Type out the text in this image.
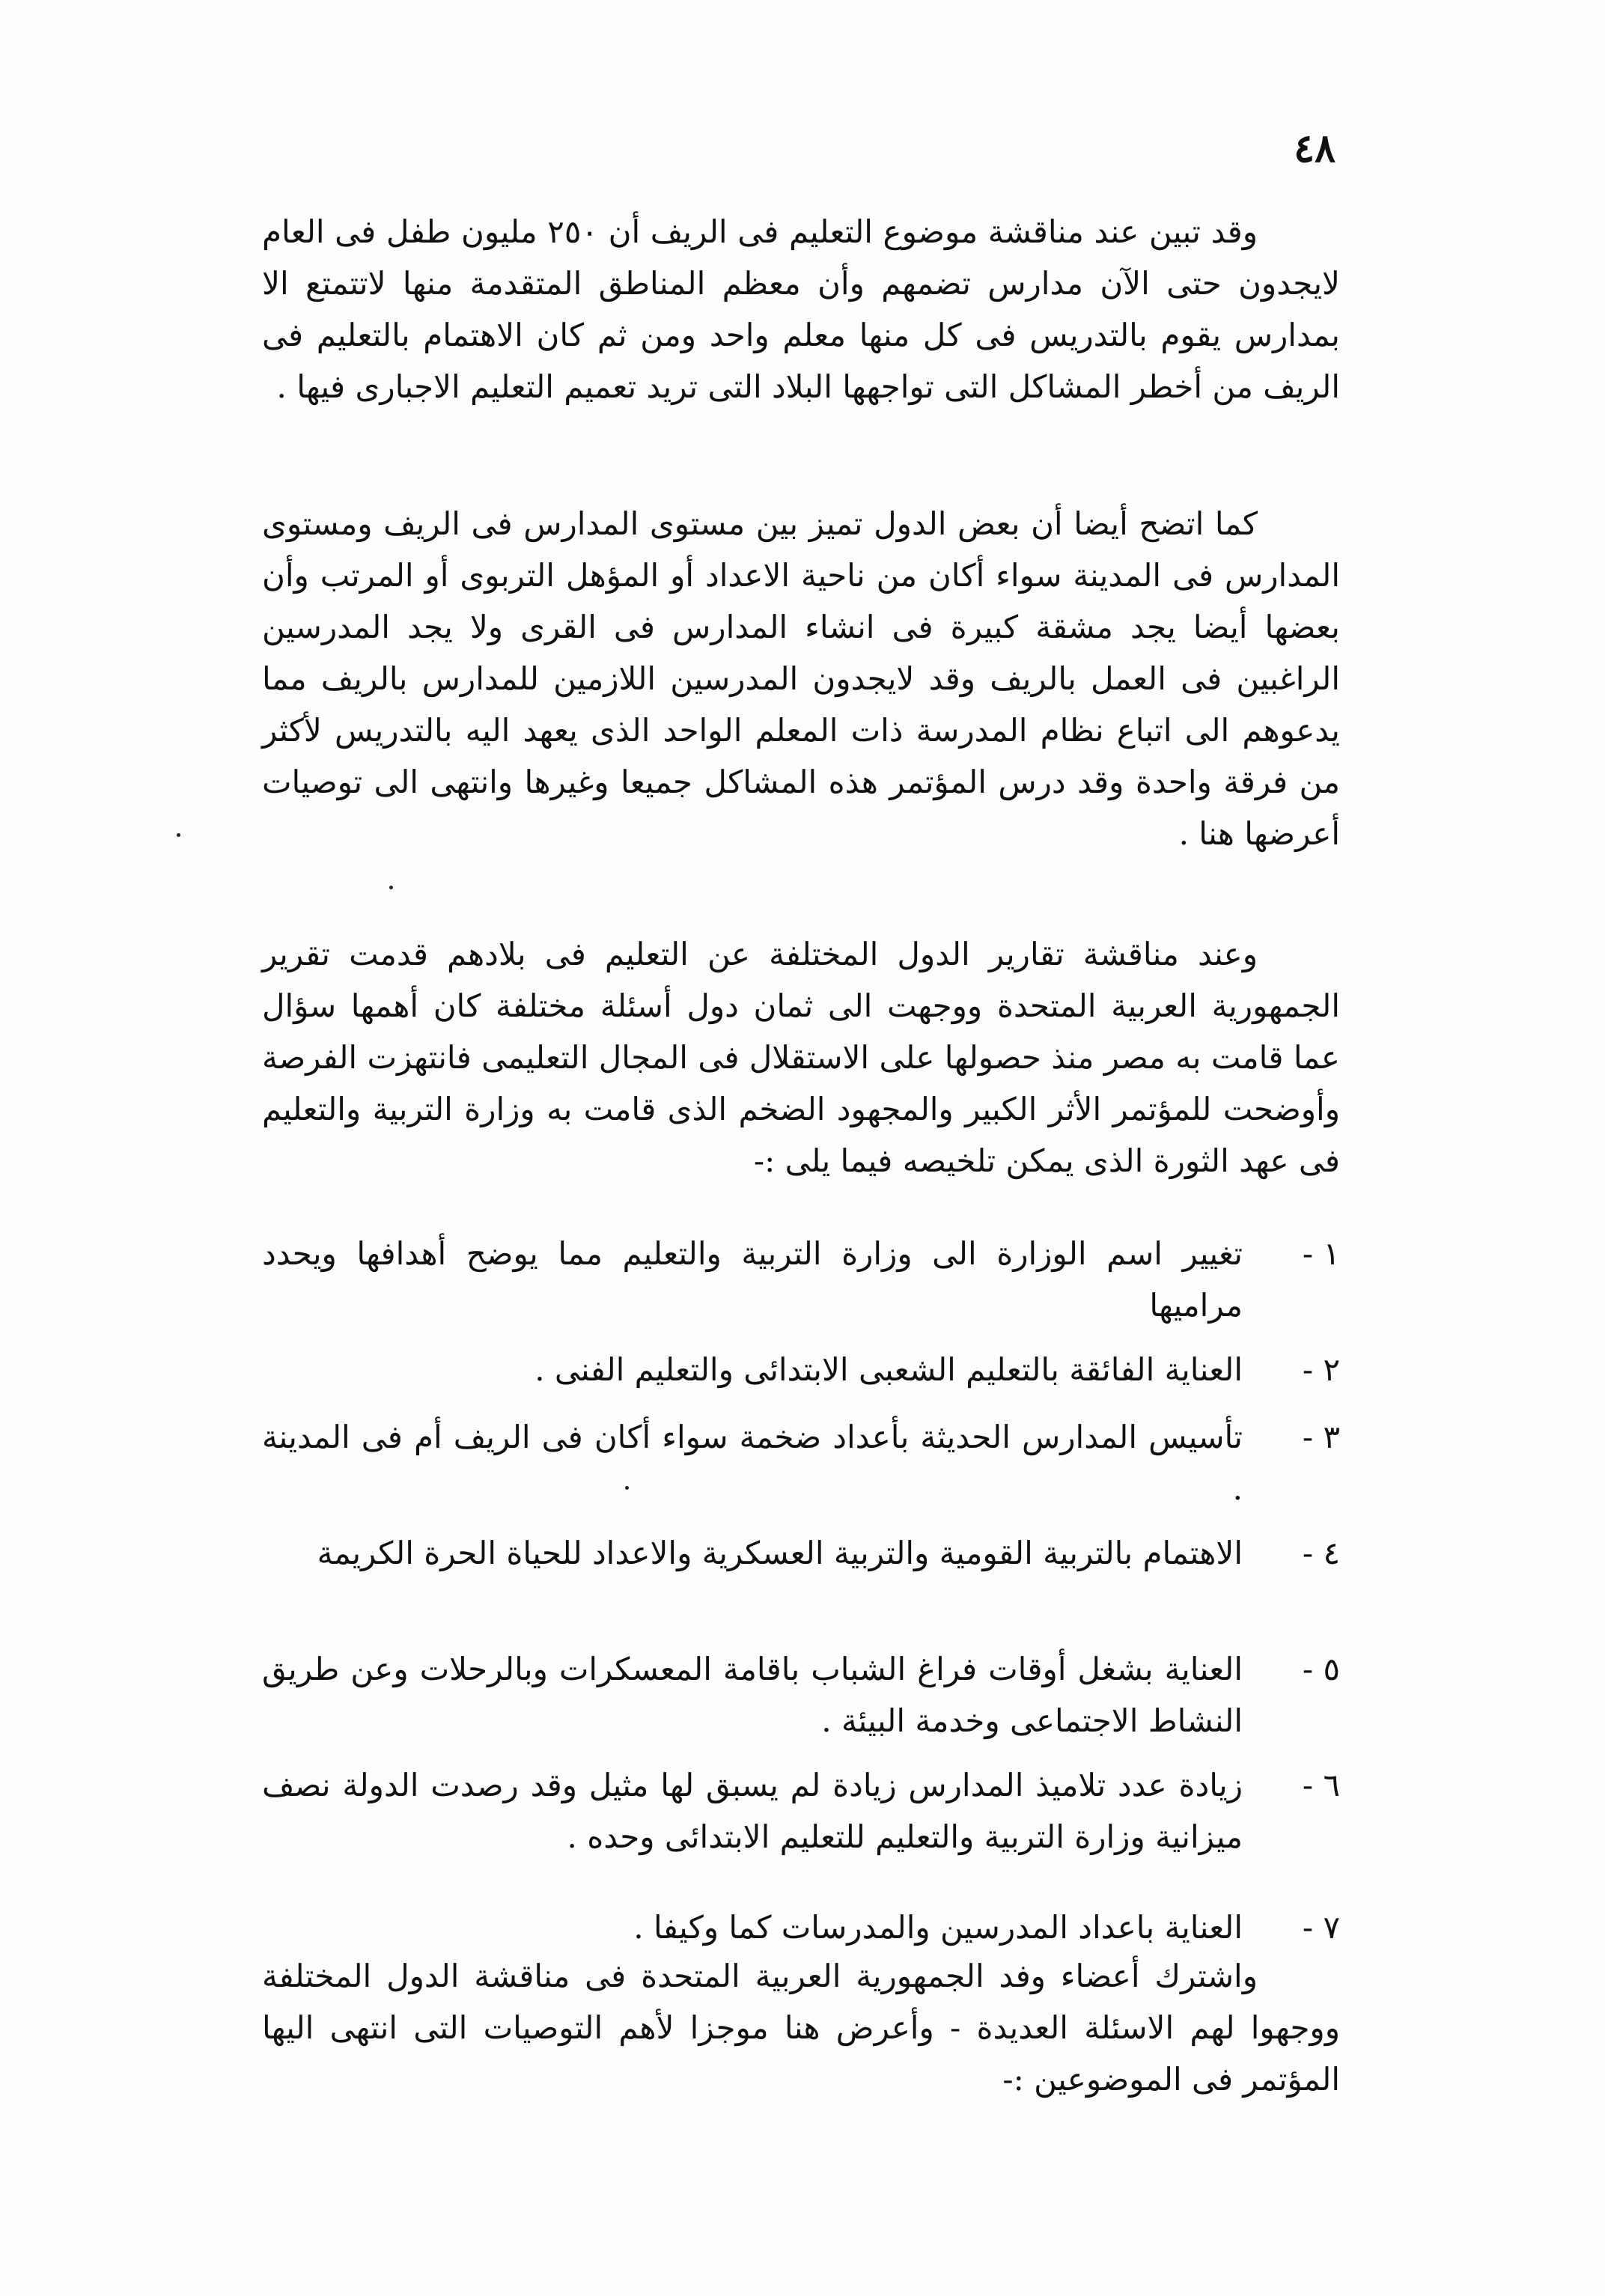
٤٨

وقد تبين عند مناقشة موضوع التعليم فى الريف أن ٢٥٠ مليون طفل فى العام لايجدون حتى الآن مدارس تضمهم وأن معظم المناطق المتقدمة منها لاتتمتع الا بمدارس يقوم بالتدريس فى كل منها معلم واحد ومن ثم كان الاهتمام بالتعليم فى الريف من أخطر المشاكل التى تواجهها البلاد التى تريد تعميم التعليم الاجبارى فيها .

كما اتضح أيضا أن بعض الدول تميز بين مستوى المدارس فى الريف ومستوى المدارس فى المدينة سواء أكان من ناحية الاعداد أو المؤهل التربوى أو المرتب وأن بعضها أيضا يجد مشقة كبيرة فى انشاء المدارس فى القرى ولا يجد المدرسين الراغبين فى العمل بالريف وقد لايجدون المدرسين اللازمين للمدارس بالريف مما يدعوهم الى اتباع نظام المدرسة ذات المعلم الواحد الذى يعهد اليه بالتدريس لأكثر من فرقة واحدة وقد درس المؤتمر هذه المشاكل جميعا وغيرها وانتهى الى توصيات أعرضها هنا .

وعند مناقشة تقارير الدول المختلفة عن التعليم فى بلادهم قدمت تقرير الجمهورية العربية المتحدة ووجهت الى ثمان دول أسئلة مختلفة كان أهمها سؤال عما قامت به مصر منذ حصولها على الاستقلال فى المجال التعليمى فانتهزت الفرصة وأوضحت للمؤتمر الأثر الكبير والمجهود الضخم الذى قامت به وزارة التربية والتعليم فى عهد الثورة الذى يمكن تلخيصه فيما يلى :-

١ -
تغيير اسم الوزارة الى وزارة التربية والتعليم مما يوضح أهدافها ويحدد مراميها
٢ -
العناية الفائقة بالتعليم الشعبى الابتدائى والتعليم الفنى .
٣ -
تأسيس المدارس الحديثة بأعداد ضخمة سواء أكان فى الريف أم فى المدينة .
٤ -
الاهتمام بالتربية القومية والتربية العسكرية والاعداد للحياة الحرة الكريمة
٥ -
العناية بشغل أوقات فراغ الشباب باقامة المعسكرات وبالرحلات وعن طريق النشاط الاجتماعى وخدمة البيئة .
٦ -
زيادة عدد تلاميذ المدارس زيادة لم يسبق لها مثيل وقد رصدت الدولة نصف ميزانية وزارة التربية والتعليم للتعليم الابتدائى وحده .
٧ -
العناية باعداد المدرسين والمدرسات كما وكيفا .

واشترك أعضاء وفد الجمهورية العربية المتحدة فى مناقشة الدول المختلفة ووجهوا لهم الاسئلة العديدة - وأعرض هنا موجزا لأهم التوصيات التى انتهى اليها المؤتمر فى الموضوعين :-
